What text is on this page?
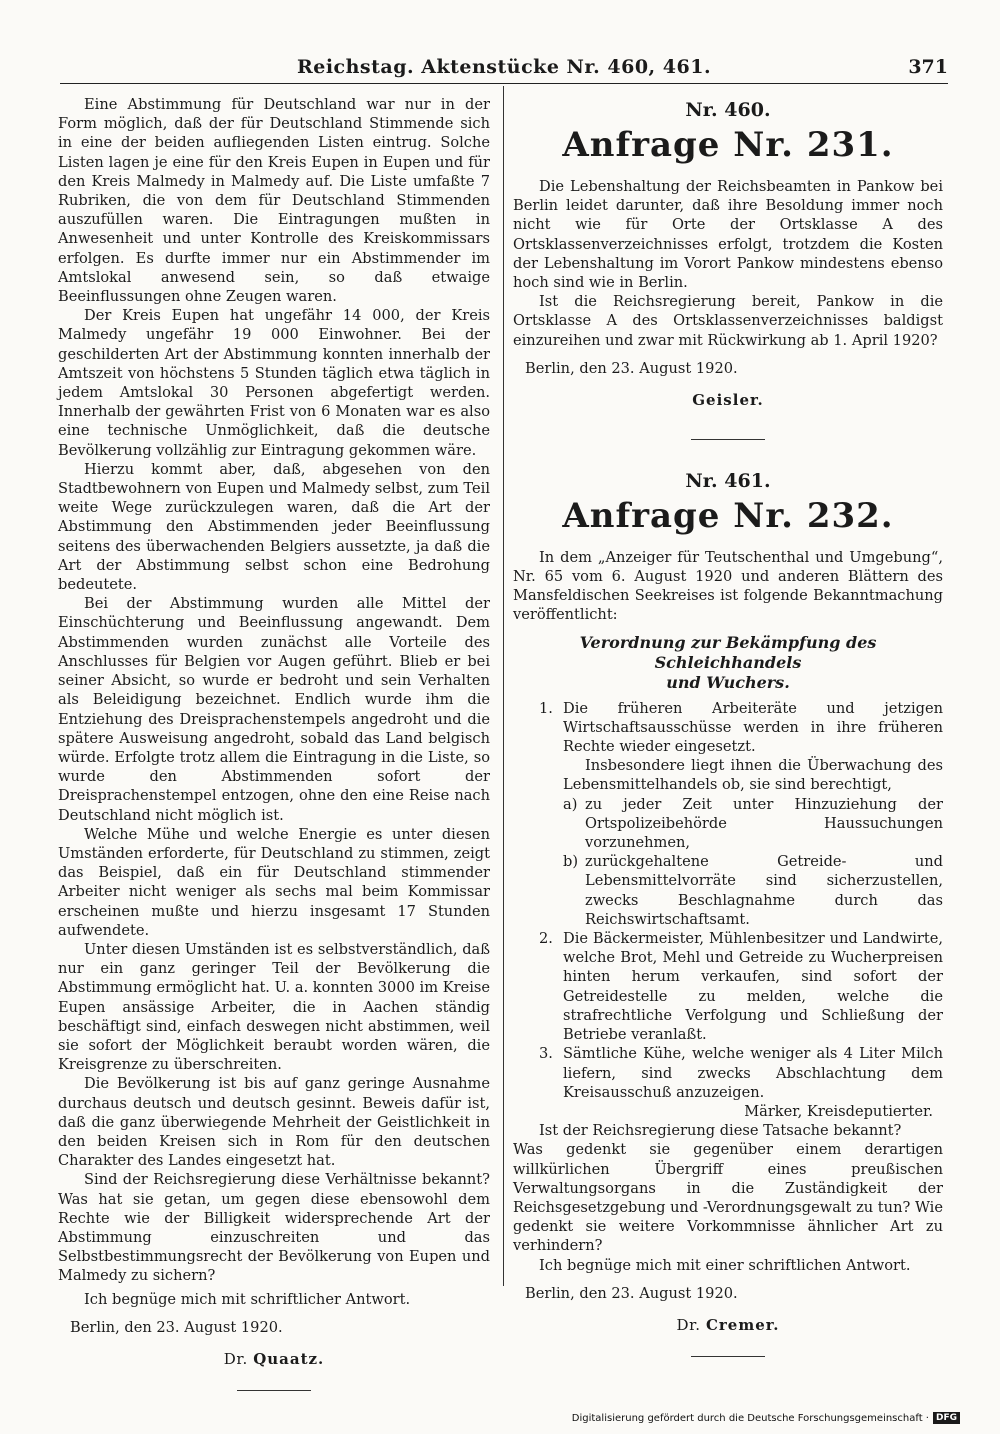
Reichstag. Aktenstücke Nr. 460, 461.	371

Eine Abstimmung für Deutschland war nur in der Form möglich, daß der für Deutschland Stimmende sich in eine der beiden aufliegenden Listen eintrug. Solche Listen lagen je eine für den Kreis Eupen in Eupen und für den Kreis Malmedy in Malmedy auf. Die Liste umfaßte 7 Rubriken, die von dem für Deutschland Stimmenden auszufüllen waren. Die Eintragungen mußten in Anwesenheit und unter Kontrolle des Kreiskommissars erfolgen. Es durfte immer nur ein Abstimmender im Amtslokal anwesend sein, so daß etwaige Beeinflussungen ohne Zeugen waren.

Der Kreis Eupen hat ungefähr 14 000, der Kreis Malmedy ungefähr 19 000 Einwohner. Bei der geschilderten Art der Abstimmung konnten innerhalb der Amtszeit von höchstens 5 Stunden täglich etwa täglich in jedem Amtslokal 30 Personen abgefertigt werden. Innerhalb der gewährten Frist von 6 Monaten war es also eine technische Unmöglichkeit, daß die deutsche Bevölkerung vollzählig zur Eintragung gekommen wäre.

Hierzu kommt aber, daß, abgesehen von den Stadtbewohnern von Eupen und Malmedy selbst, zum Teil weite Wege zurückzulegen waren, daß die Art der Abstimmung den Abstimmenden jeder Beeinflussung seitens des überwachenden Belgiers aussetzte, ja daß die Art der Abstimmung selbst schon eine Bedrohung bedeutete.

Bei der Abstimmung wurden alle Mittel der Einschüchterung und Beeinflussung angewandt. Dem Abstimmenden wurden zunächst alle Vorteile des Anschlusses für Belgien vor Augen geführt. Blieb er bei seiner Absicht, so wurde er bedroht und sein Verhalten als Beleidigung bezeichnet. Endlich wurde ihm die Entziehung des Dreisprachenstempels angedroht und die spätere Ausweisung angedroht, sobald das Land belgisch würde. Erfolgte trotz allem die Eintragung in die Liste, so wurde den Abstimmenden sofort der Dreisprachenstempel entzogen, ohne den eine Reise nach Deutschland nicht möglich ist.

Welche Mühe und welche Energie es unter diesen Umständen erforderte, für Deutschland zu stimmen, zeigt das Beispiel, daß ein für Deutschland stimmender Arbeiter nicht weniger als sechs mal beim Kommissar erscheinen mußte und hierzu insgesamt 17 Stunden aufwendete.

Unter diesen Umständen ist es selbstverständlich, daß nur ein ganz geringer Teil der Bevölkerung die Abstimmung ermöglicht hat. U. a. konnten 3000 im Kreise Eupen ansässige Arbeiter, die in Aachen ständig beschäftigt sind, einfach deswegen nicht abstimmen, weil sie sofort der Möglichkeit beraubt worden wären, die Kreisgrenze zu überschreiten.

Die Bevölkerung ist bis auf ganz geringe Ausnahme durchaus deutsch und deutsch gesinnt. Beweis dafür ist, daß die ganz überwiegende Mehrheit der Geistlichkeit in den beiden Kreisen sich in Rom für den deutschen Charakter des Landes eingesetzt hat.

Sind der Reichsregierung diese Verhältnisse bekannt? Was hat sie getan, um gegen diese ebensowohl dem Rechte wie der Billigkeit widersprechende Art der Abstimmung einzuschreiten und das Selbstbestimmungsrecht der Bevölkerung von Eupen und Malmedy zu sichern?

Ich begnüge mich mit schriftlicher Antwort.

Berlin, den 23. August 1920.
Dr. Quaatz.
Nr. 460.
Anfrage Nr. 231.

Die Lebenshaltung der Reichsbeamten in Pankow bei Berlin leidet darunter, daß ihre Besoldung immer noch nicht wie für Orte der Ortsklasse A des Ortsklassenverzeichnisses erfolgt, trotzdem die Kosten der Lebenshaltung im Vorort Pankow mindestens ebenso hoch sind wie in Berlin.

Ist die Reichsregierung bereit, Pankow in die Ortsklasse A des Ortsklassenverzeichnisses baldigst einzureihen und zwar mit Rückwirkung ab 1. April 1920?

Berlin, den 23. August 1920.
Geisler.
Nr. 461.
Anfrage Nr. 232.

In dem „Anzeiger für Teutschenthal und Umgebung“, Nr. 65 vom 6. August 1920 und anderen Blättern des Mansfeldischen Seekreises ist folgende Bekanntmachung veröffentlicht:

Verordnung zur Bekämpfung des Schleichhandels
und Wuchers.
1. Die früheren Arbeiteräte und jetzigen Wirtschaftsausschüsse werden in ihre früheren Rechte wieder eingesetzt.
Insbesondere liegt ihnen die Überwachung des Lebensmittelhandels ob, sie sind berechtigt,
a) zu jeder Zeit unter Hinzuziehung der Ortspolizeibehörde Haussuchungen vorzunehmen,
b) zurückgehaltene Getreide- und Lebensmittelvorräte sind sicherzustellen, zwecks Beschlagnahme durch das Reichswirtschaftsamt.
2. Die Bäckermeister, Mühlenbesitzer und Landwirte, welche Brot, Mehl und Getreide zu Wucherpreisen hinten herum verkaufen, sind sofort der Getreidestelle zu melden, welche die strafrechtliche Verfolgung und Schließung der Betriebe veranlaßt.
3. Sämtliche Kühe, welche weniger als 4 Liter Milch liefern, sind zwecks Abschlachtung dem Kreisausschuß anzuzeigen.
Märker, Kreisdeputierter.

Ist der Reichsregierung diese Tatsache bekannt?

Was gedenkt sie gegenüber einem derartigen willkürlichen Übergriff eines preußischen Verwaltungsorgans in die Zuständigkeit der Reichsgesetzgebung und -Verordnungsgewalt zu tun? Wie gedenkt sie weitere Vorkommnisse ähnlicher Art zu verhindern?

Ich begnüge mich mit einer schriftlichen Antwort.

Berlin, den 23. August 1920.
Dr. Cremer.
Digitalisierung gefördert durch die Deutsche Forschungsgemeinschaft · DFG
